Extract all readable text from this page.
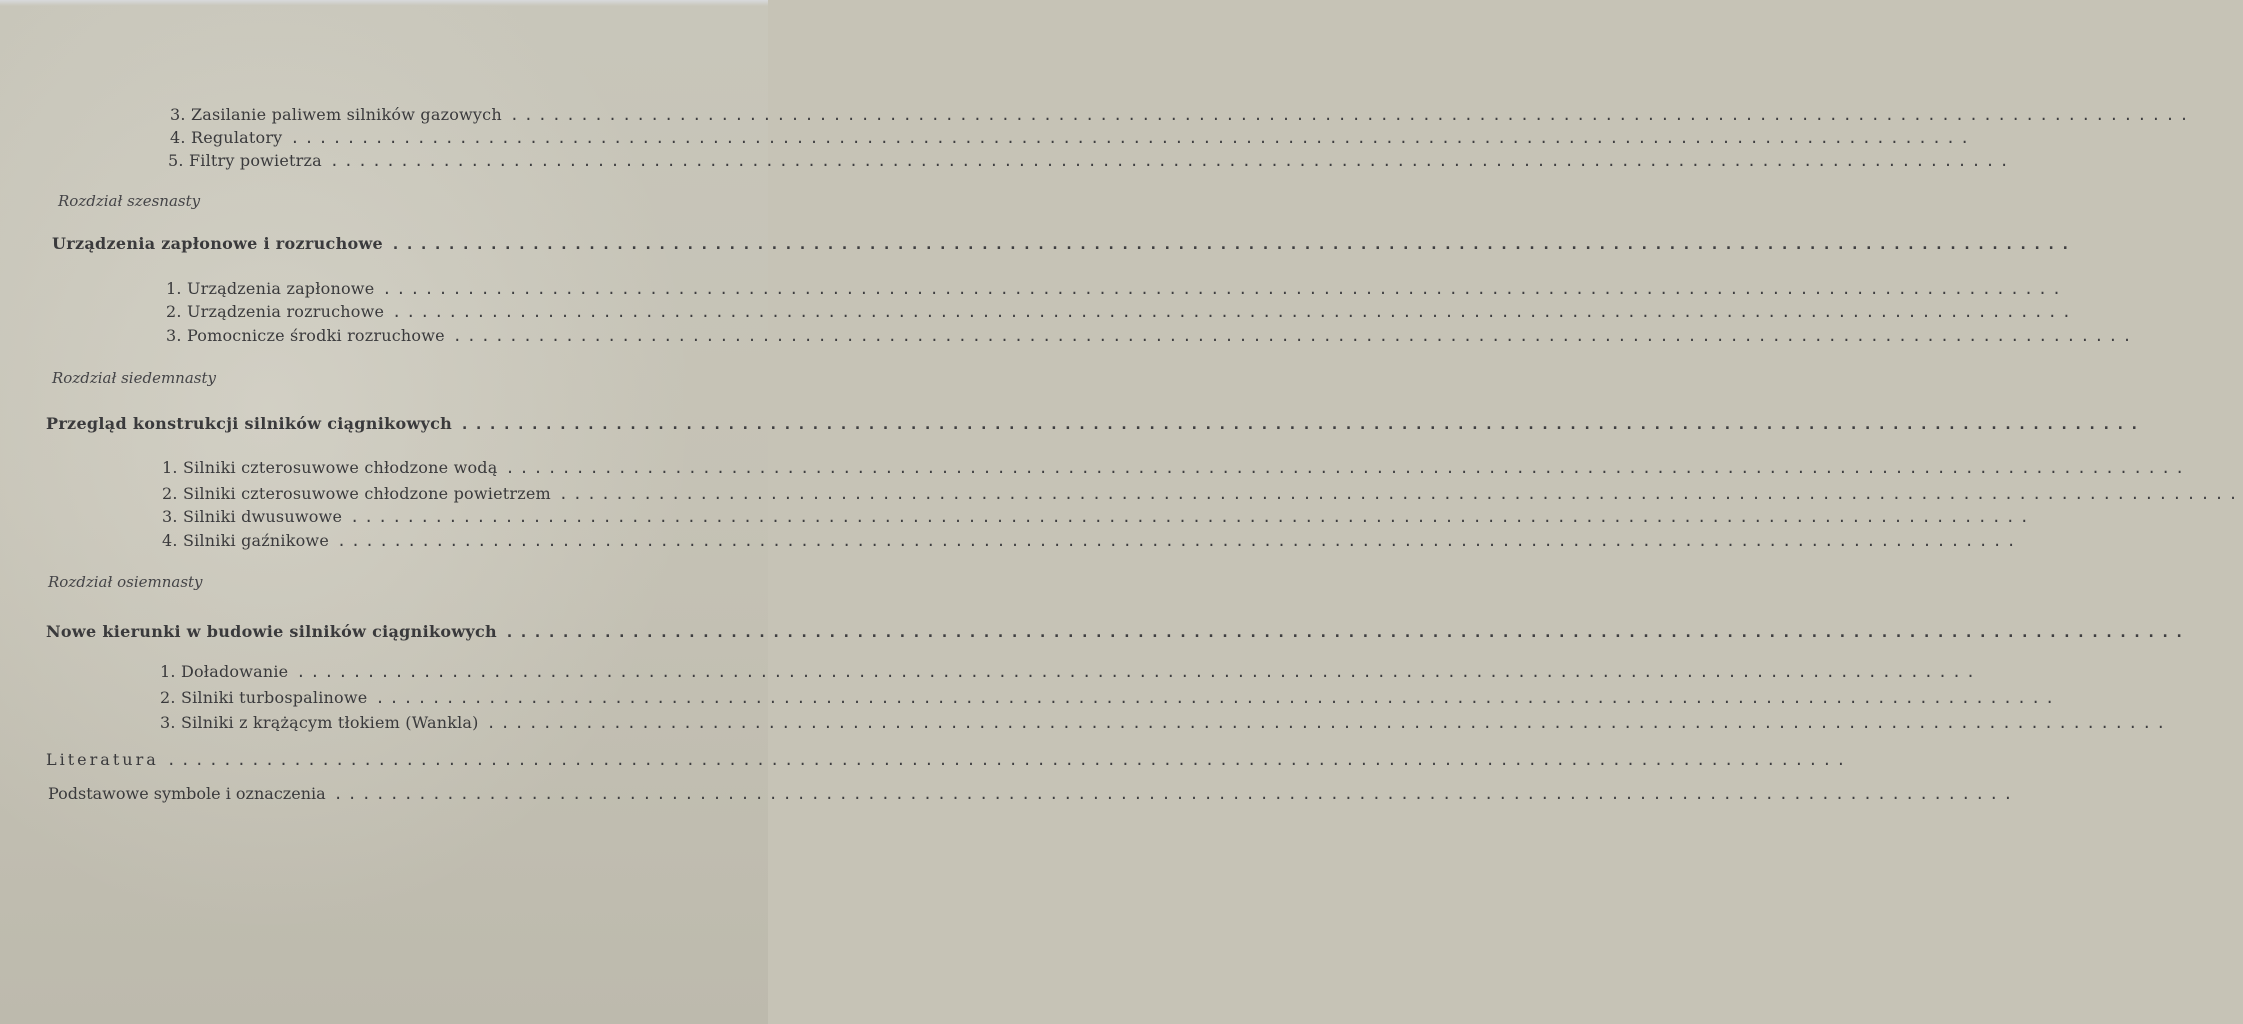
3. Zasilanie paliwem silników gazowych ........................................................................................................................
4. Regulatory ........................................................................................................................
5. Filtry powietrza ........................................................................................................................
Rozdział szesnasty
Urządzenia zapłonowe i rozruchowe ........................................................................................................................
1. Urządzenia zapłonowe ........................................................................................................................
2. Urządzenia rozruchowe ........................................................................................................................
3. Pomocnicze środki rozruchowe ........................................................................................................................
Rozdział siedemnasty
Przegląd konstrukcji silników ciągnikowych ........................................................................................................................
1. Silniki czterosuwowe chłodzone wodą ........................................................................................................................
2. Silniki czterosuwowe chłodzone powietrzem ........................................................................................................................
3. Silniki dwusuwowe ........................................................................................................................
4. Silniki gaźnikowe ........................................................................................................................
Rozdział osiemnasty
Nowe kierunki w budowie silników ciągnikowych ........................................................................................................................
1. Doładowanie ........................................................................................................................
2. Silniki turbospalinowe ........................................................................................................................
3. Silniki z krążącym tłokiem (Wankla) ........................................................................................................................
Literatura ........................................................................................................................
Podstawowe symbole i oznaczenia ........................................................................................................................
